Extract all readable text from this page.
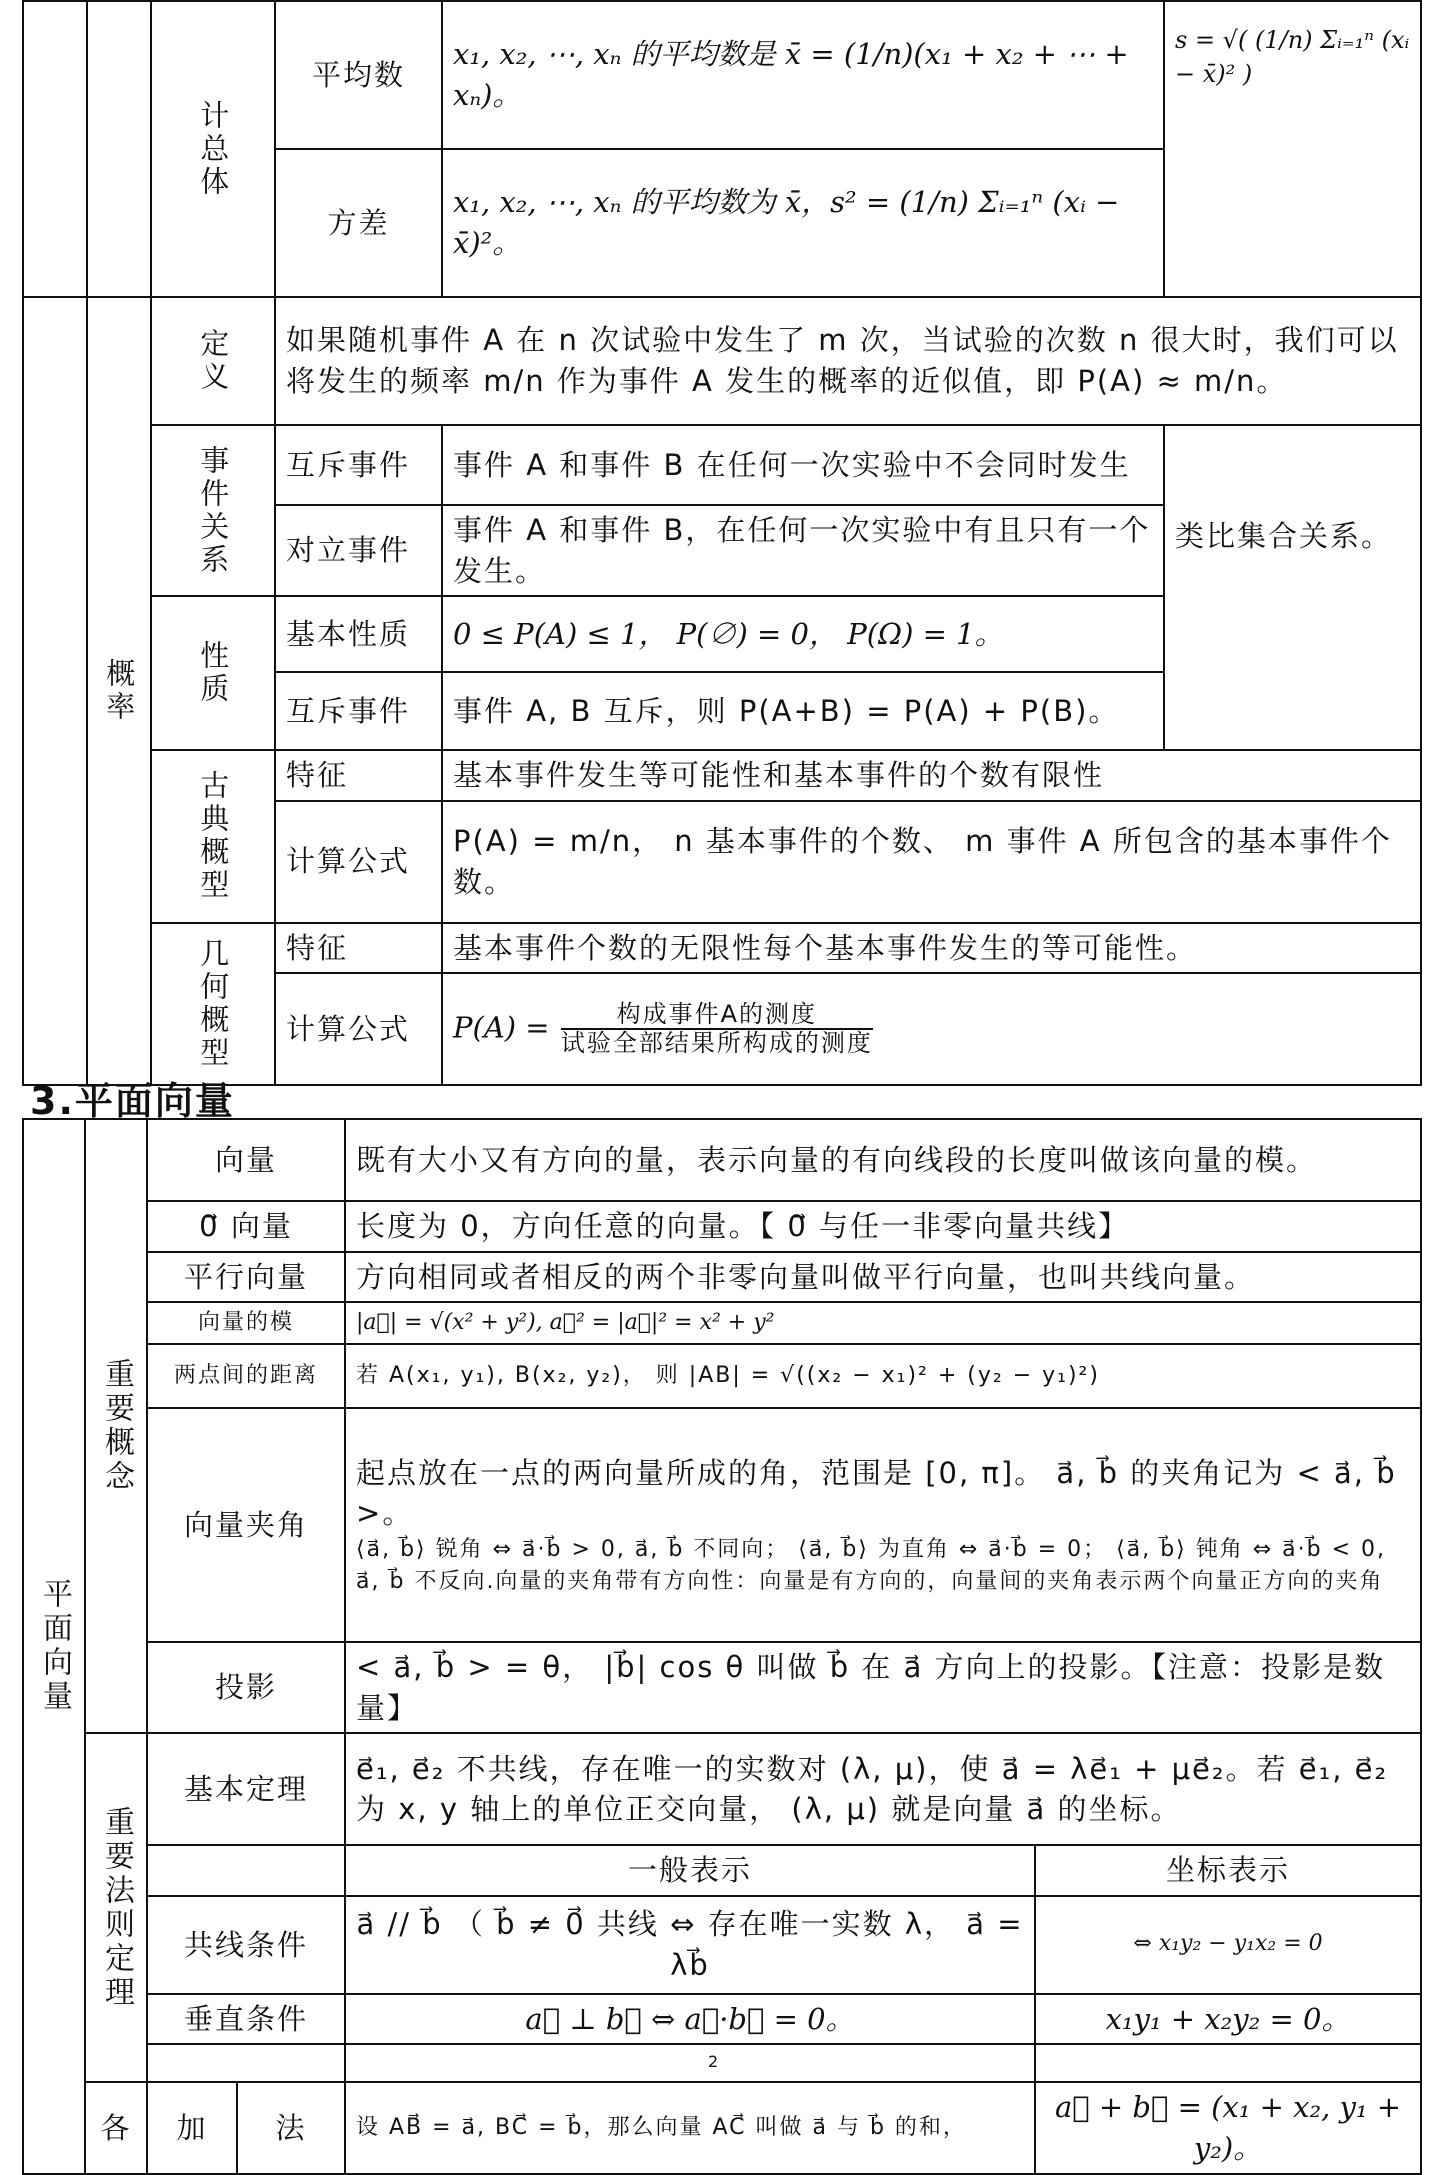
		计总体	平均数	x₁, x₂, ⋯, xₙ 的平均数是 x̄ = (1/n)(x₁ + x₂ + ⋯ + xₙ)。	s = √( (1/n) Σᵢ₌₁ⁿ (xᵢ − x̄)² )
			方差	x₁, x₂, ⋯, xₙ 的平均数为 x̄，s² = (1/n) Σᵢ₌₁ⁿ (xᵢ − x̄)²。	
	概率	定义	如果随机事件 A 在 n 次试验中发生了 m 次，当试验的次数 n 很大时，我们可以将发生的频率 m/n 作为事件 A 发生的概率的近似值，即 P(A) ≈ m/n。		
		事件关系	互斥事件	事件 A 和事件 B 在任何一次实验中不会同时发生	类比集合关系。
			对立事件	事件 A 和事件 B，在任何一次实验中有且只有一个发生。	
		性质	基本性质	0 ≤ P(A) ≤ 1， P(∅) = 0， P(Ω) = 1。	
			互斥事件	事件 A, B 互斥，则 P(A+B) = P(A) + P(B)。	
		古典概型	特征	基本事件发生等可能性和基本事件的个数有限性	
			计算公式	P(A) = m/n， n 基本事件的个数、 m 事件 A 所包含的基本事件个数。	
		几何概型	特征	基本事件个数的无限性每个基本事件发生的等可能性。	
			计算公式	$P(A) = \frac{\text{构成事件A的测度}}{\text{试验全部结果所构成的测度}}$
3.平面向量
平面向量	重要概念	向量		既有大小又有方向的量，表示向量的有向线段的长度叫做该向量的模。	
		0⃗ 向量		长度为 0，方向任意的向量。【 0⃗ 与任一非零向量共线】	
		平行向量		方向相同或者相反的两个非零向量叫做平行向量，也叫共线向量。	
		向量的模		|a⃗| = √(x² + y²), a⃗² = |a⃗|² = x² + y²	
		两点间的距离		若 A(x₁, y₁), B(x₂, y₂)， 则 |AB| = √((x₂ − x₁)² + (y₂ − y₁)²)	
		向量夹角		起点放在一点的两向量所成的角，范围是 [0, π]。 a⃗, b⃗ 的夹角记为 < a⃗, b⃗ >。
⟨a⃗, b⃗⟩ 锐角 ⇔ a⃗·b⃗ > 0, a⃗, b⃗ 不同向； ⟨a⃗, b⃗⟩ 为直角 ⇔ a⃗·b⃗ = 0； ⟨a⃗, b⃗⟩ 钝角 ⇔ a⃗·b⃗ < 0, a⃗, b⃗ 不反向.向量的夹角带有方向性：向量是有方向的，向量间的夹角表示两个向量正方向的夹角	

		投影		< a⃗, b⃗ > = θ， |b⃗| cos θ 叫做 b⃗ 在 a⃗ 方向上的投影。【注意：投影是数量】	
	重要法则定理	基本定理		e⃗₁, e⃗₂ 不共线，存在唯一的实数对 (λ, μ)，使 a⃗ = λe⃗₁ + μe⃗₂。若 e⃗₁, e⃗₂ 为 x, y 轴上的单位正交向量， (λ, μ) 就是向量 a⃗ 的坐标。	
				一般表示	坐标表示
		共线条件		a⃗ // b⃗ （ b⃗ ≠ 0⃗ 共线 ⇔ 存在唯一实数 λ， a⃗ = λb⃗	⇔ x₁y₂ − y₁x₂ = 0
		垂直条件		a⃗ ⊥ b⃗ ⇔ a⃗·b⃗ = 0。	x₁y₁ + x₂y₂ = 0。

	各	加	法	设 AB⃗ = a⃗, BC⃗ = b⃗，那么向量 AC⃗ 叫做 a⃗ 与 b⃗ 的和，	a⃗ + b⃗ = (x₁ + x₂, y₁ + y₂)。
2
